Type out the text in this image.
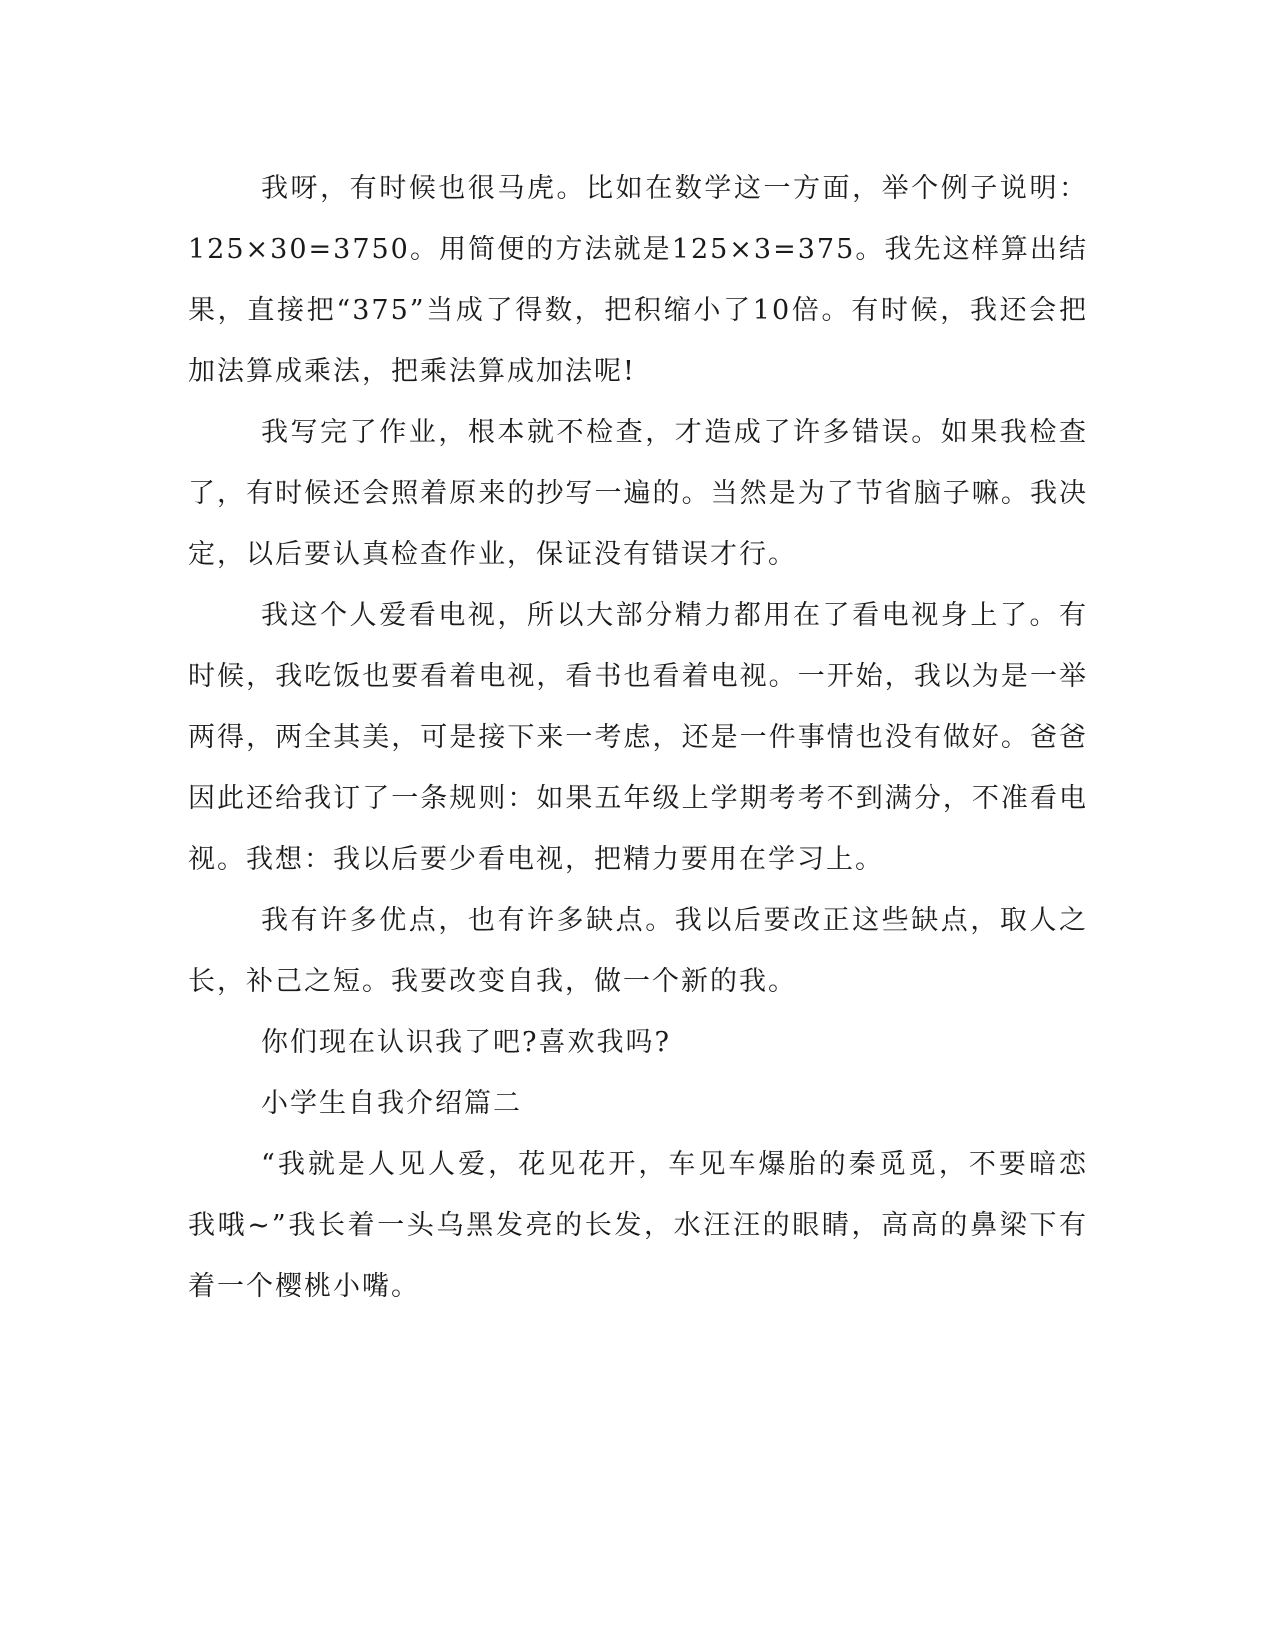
我呀，有时候也很马虎。比如在数学这一方面，举个例子说明：125×30=3750。用简便的方法就是125×3=375。我先这样算出结果，直接把“375”当成了得数，把积缩小了10倍。有时候，我还会把加法算成乘法，把乘法算成加法呢!

我写完了作业，根本就不检查，才造成了许多错误。如果我检查了，有时候还会照着原来的抄写一遍的。当然是为了节省脑子嘛。我决定，以后要认真检查作业，保证没有错误才行。

我这个人爱看电视，所以大部分精力都用在了看电视身上了。有时候，我吃饭也要看着电视，看书也看着电视。一开始，我以为是一举两得，两全其美，可是接下来一考虑，还是一件事情也没有做好。爸爸因此还给我订了一条规则：如果五年级上学期考考不到满分，不准看电视。我想：我以后要少看电视，把精力要用在学习上。

我有许多优点，也有许多缺点。我以后要改正这些缺点，取人之长，补己之短。我要改变自我，做一个新的我。

你们现在认识我了吧?喜欢我吗?

小学生自我介绍篇二

“我就是人见人爱，花见花开，车见车爆胎的秦觅觅，不要暗恋我哦~”我长着一头乌黑发亮的长发，水汪汪的眼睛，高高的鼻梁下有着一个樱桃小嘴。
